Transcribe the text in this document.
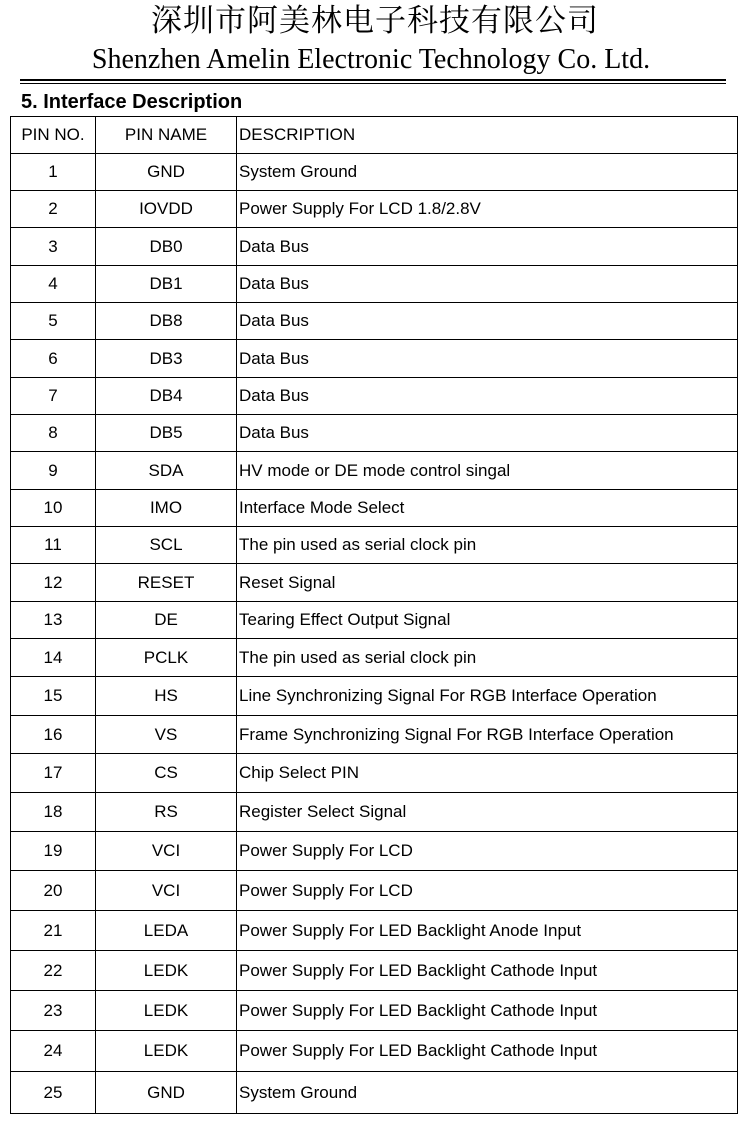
深圳市阿美林电子科技有限公司
Shenzhen Amelin Electronic Technology Co. Ltd.
5. Interface Description
PIN NO.	PIN NAME	DESCRIPTION
1	GND	System Ground
2	IOVDD	Power Supply For LCD 1.8/2.8V
3	DB0	Data Bus
4	DB1	Data Bus
5	DB8	Data Bus
6	DB3	Data Bus
7	DB4	Data Bus
8	DB5	Data Bus
9	SDA	HV mode or DE mode control singal
10	IMO	Interface Mode Select
11	SCL	The pin used as serial clock pin
12	RESET	Reset Signal
13	DE	Tearing Effect Output Signal
14	PCLK	The pin used as serial clock pin
15	HS	Line Synchronizing Signal For RGB Interface Operation
16	VS	Frame Synchronizing Signal For RGB Interface Operation
17	CS	Chip Select PIN
18	RS	Register Select Signal
19	VCI	Power Supply For LCD
20	VCI	Power Supply For LCD
21	LEDA	Power Supply For LED Backlight Anode Input
22	LEDK	Power Supply For LED Backlight Cathode Input
23	LEDK	Power Supply For LED Backlight Cathode Input
24	LEDK	Power Supply For LED Backlight Cathode Input
25	GND	System Ground
